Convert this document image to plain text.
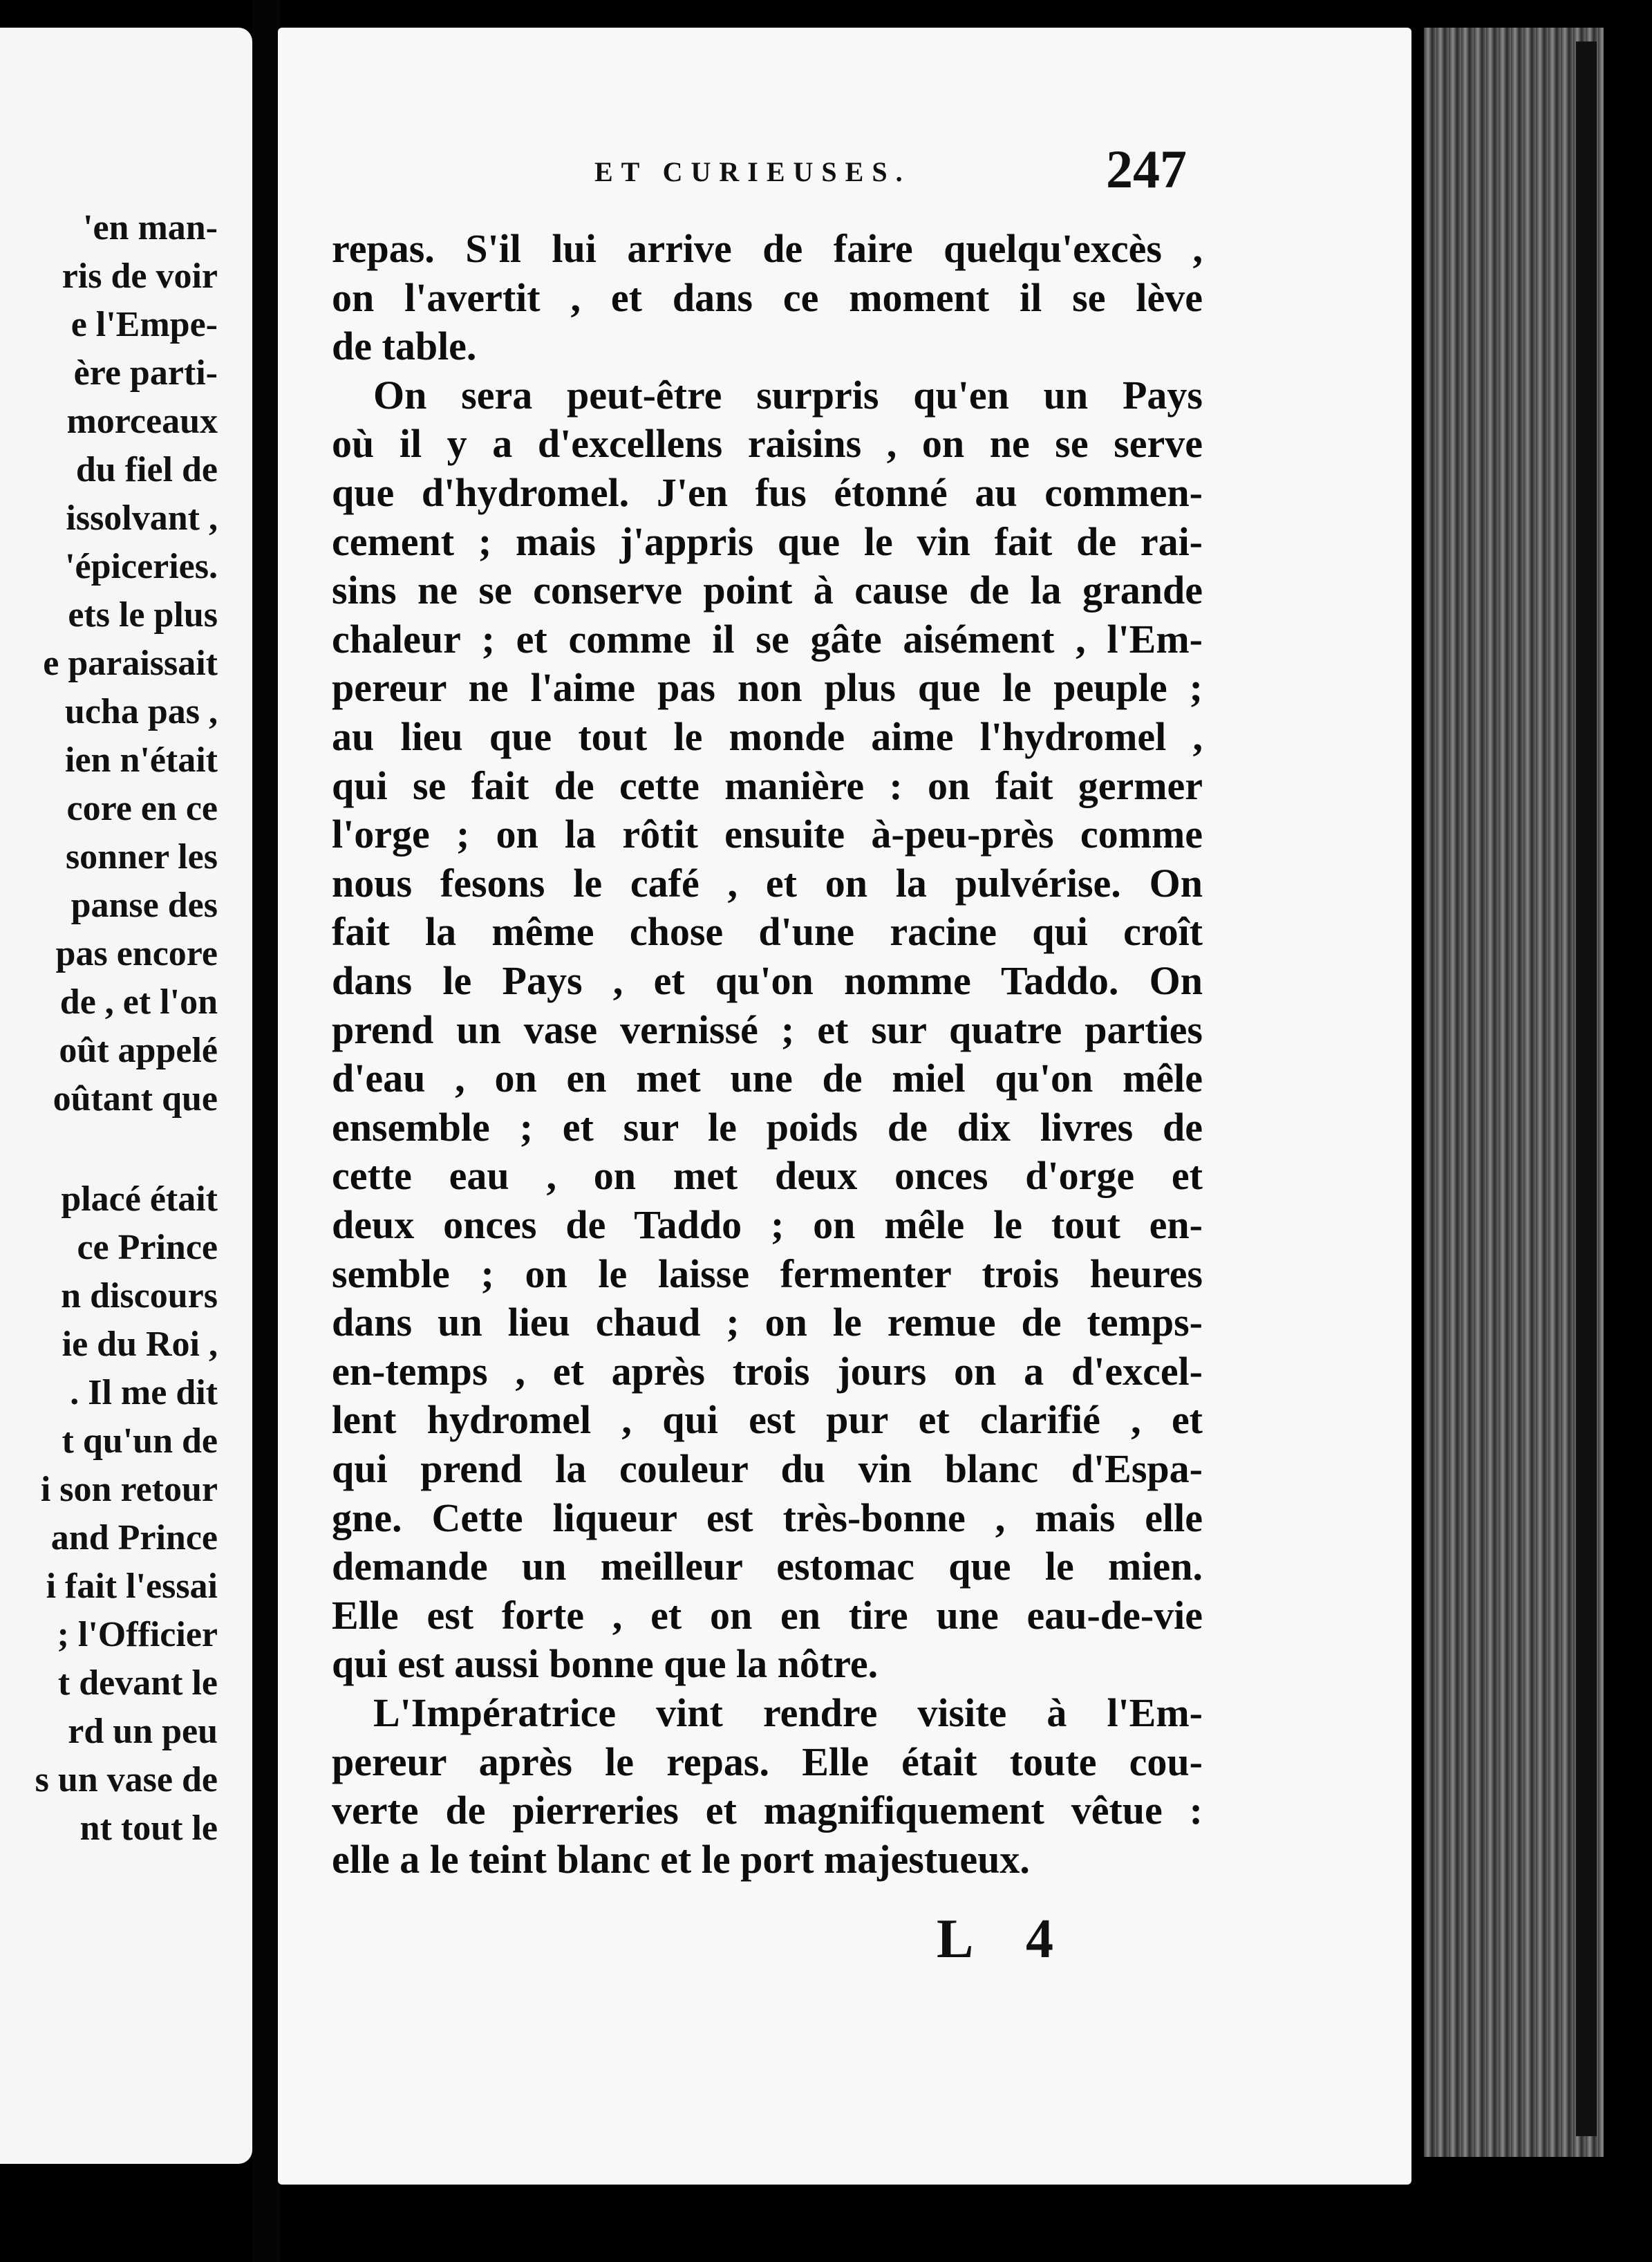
'en man-
ris de voir
e l'Empe-
ère parti-
morceaux
du fiel de
issolvant ,
'épiceries.
ets le plus
e paraissait
ucha pas ,
ien n'était
core en ce
sonner les
panse des
pas encore
de , et l'on
oût appelé
oûtant que
placé était
ce Prince
n discours
ie du Roi ,
. Il me dit
t qu'un de
i son retour
and Prince
i fait l'essai
; l'Officier
t devant le
rd un peu
s un vase de
nt tout le
ET CURIEUSES.	247
repas. S'il lui arrive de faire quelqu'excès ,
on l'avertit , et dans ce moment il se lève
de table.
On sera peut-être surpris qu'en un Pays
où il y a d'excellens raisins , on ne se serve
que d'hydromel. J'en fus étonné au commen-
cement ; mais j'appris que le vin fait de rai-
sins ne se conserve point à cause de la grande
chaleur ; et comme il se gâte aisément , l'Em-
pereur ne l'aime pas non plus que le peuple ;
au lieu que tout le monde aime l'hydromel ,
qui se fait de cette manière : on fait germer
l'orge ; on la rôtit ensuite à-peu-près comme
nous fesons le café , et on la pulvérise. On
fait la même chose d'une racine qui croît
dans le Pays , et qu'on nomme Taddo. On
prend un vase vernissé ; et sur quatre parties
d'eau , on en met une de miel qu'on mêle
ensemble ; et sur le poids de dix livres de
cette eau , on met deux onces d'orge et
deux onces de Taddo ; on mêle le tout en-
semble ; on le laisse fermenter trois heures
dans un lieu chaud ; on le remue de temps-
en-temps , et après trois jours on a d'excel-
lent hydromel , qui est pur et clarifié , et
qui prend la couleur du vin blanc d'Espa-
gne. Cette liqueur est très-bonne , mais elle
demande un meilleur estomac que le mien.
Elle est forte , et on en tire une eau-de-vie
qui est aussi bonne que la nôtre.
L'Impératrice vint rendre visite à l'Em-
pereur après le repas. Elle était toute cou-
verte de pierreries et magnifiquement vêtue :
elle a le teint blanc et le port majestueux.
L 4
